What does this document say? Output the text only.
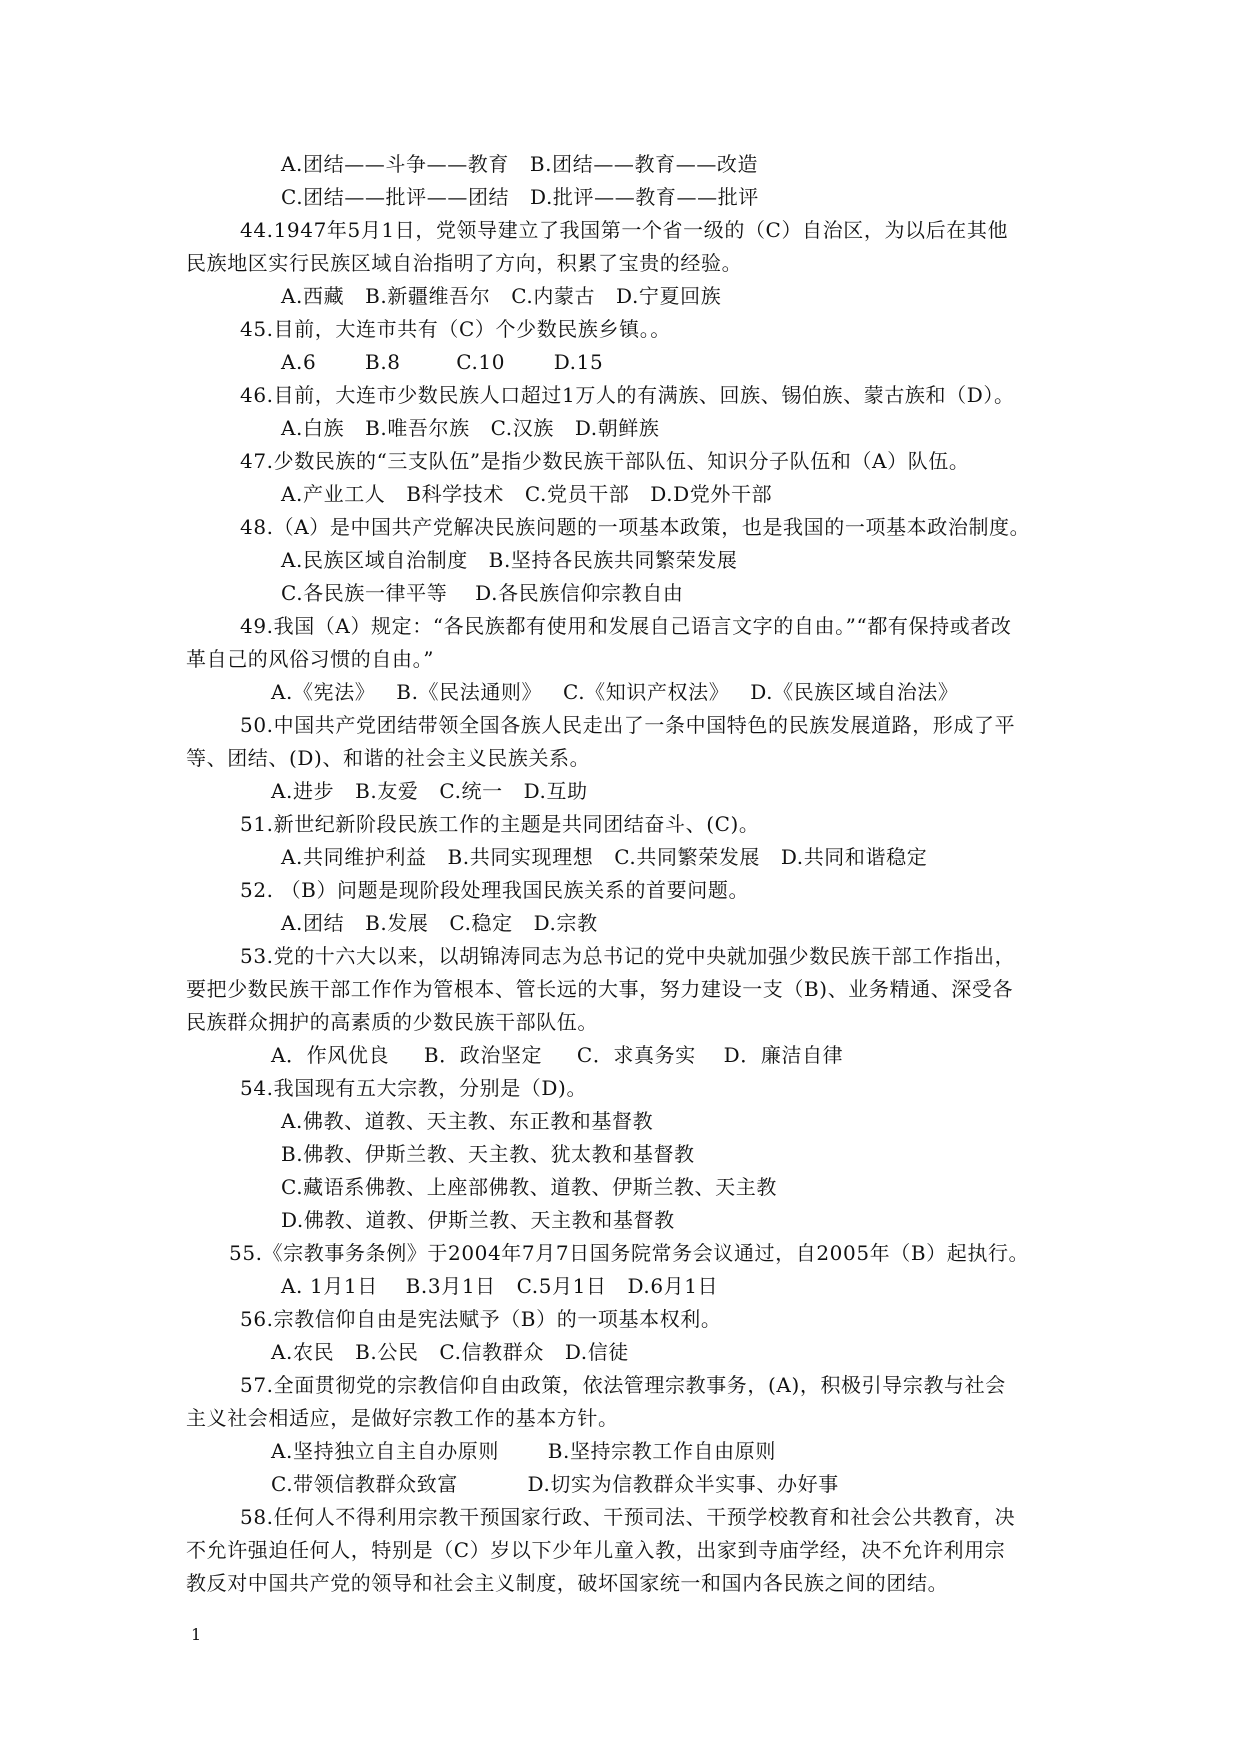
A.团结——斗争——教育   B.团结——教育——改造
C.团结——批评——团结   D.批评——教育——批评
44.1947年5月1日，党领导建立了我国第一个省一级的（C）自治区，为以后在其他
民族地区实行民族区域自治指明了方向，积累了宝贵的经验。
A.西藏   B.新疆维吾尔   C.内蒙古   D.宁夏回族
45.目前，大连市共有（C）个少数民族乡镇。。
A.6       B.8        C.10       D.15
46.目前，大连市少数民族人口超过1万人的有满族、回族、锡伯族、蒙古族和（D）。
A.白族   B.唯吾尔族   C.汉族   D.朝鲜族
47.少数民族的“三支队伍”是指少数民族干部队伍、知识分子队伍和（A）队伍。
A.产业工人   B科学技术   C.党员干部   D.D党外干部
48.（A）是中国共产党解决民族问题的一项基本政策，也是我国的一项基本政治制度。
A.民族区域自治制度   B.坚持各民族共同繁荣发展
C.各民族一律平等    D.各民族信仰宗教自由
49.我国（A）规定：“各民族都有使用和发展自己语言文字的自由。”“都有保持或者改
革自己的风俗习惯的自由。”
A.《宪法》   B.《民法通则》   C.《知识产权法》   D.《民族区域自治法》
50.中国共产党团结带领全国各族人民走出了一条中国特色的民族发展道路，形成了平
等、团结、(D)、和谐的社会主义民族关系。
A.进步   B.友爱   C.统一   D.互助
51.新世纪新阶段民族工作的主题是共同团结奋斗、(C)。
A.共同维护利益   B.共同实现理想   C.共同繁荣发展   D.共同和谐稳定
52. （B）问题是现阶段处理我国民族关系的首要问题。
A.团结   B.发展   C.稳定   D.宗教
53.党的十六大以来，以胡锦涛同志为总书记的党中央就加强少数民族干部工作指出，
要把少数民族干部工作作为管根本、管长远的大事，努力建设一支（B)、业务精通、深受各
民族群众拥护的高素质的少数民族干部队伍。
A．作风优良     B．政治坚定     C．求真务实    D．廉洁自律
54.我国现有五大宗教，分别是（D)。
A.佛教、道教、天主教、东正教和基督教
B.佛教、伊斯兰教、天主教、犹太教和基督教
C.藏语系佛教、上座部佛教、道教、伊斯兰教、天主教
D.佛教、道教、伊斯兰教、天主教和基督教
55.《宗教事务条例》于2004年7月7日国务院常务会议通过，自2005年（B）起执行。
A. 1月1日    B.3月1日   C.5月1日   D.6月1日
56.宗教信仰自由是宪法赋予（B）的一项基本权利。
A.农民   B.公民   C.信教群众   D.信徒
57.全面贯彻党的宗教信仰自由政策，依法管理宗教事务，(A)，积极引导宗教与社会
主义社会相适应，是做好宗教工作的基本方针。
A.坚持独立自主自办原则       B.坚持宗教工作自由原则
C.带领信教群众致富          D.切实为信教群众半实事、办好事
58.任何人不得利用宗教干预国家行政、干预司法、干预学校教育和社会公共教育，决
不允许强迫任何人，特别是（C）岁以下少年儿童入教，出家到寺庙学经，决不允许利用宗
教反对中国共产党的领导和社会主义制度，破坏国家统一和国内各民族之间的团结。
1
